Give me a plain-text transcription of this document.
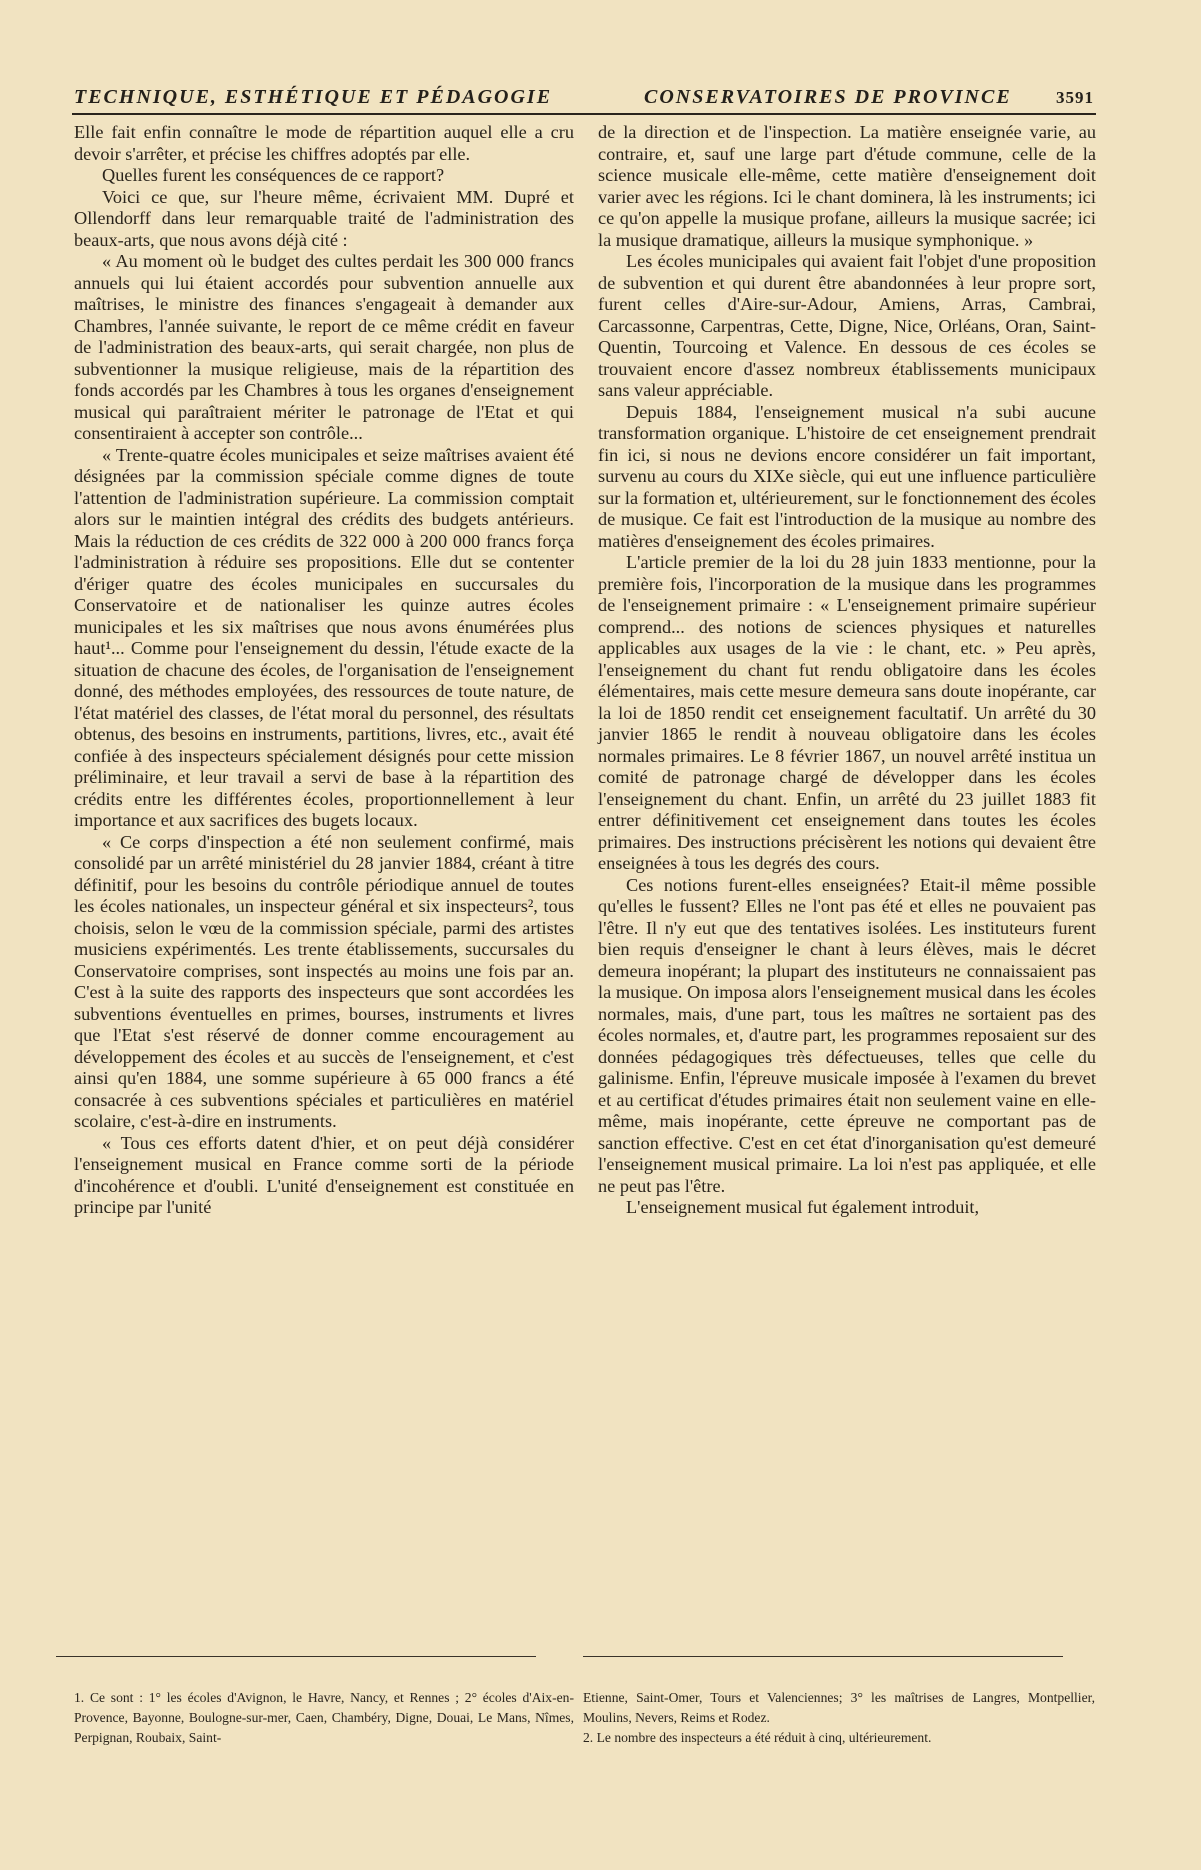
TECHNIQUE, ESTHÉTIQUE ET PÉDAGOGIE	CONSERVATOIRES DE PROVINCE	3591

Elle fait enfin connaître le mode de répartition auquel elle a cru devoir s'arrêter, et précise les chiffres adoptés par elle.

Quelles furent les conséquences de ce rapport?

Voici ce que, sur l'heure même, écrivaient MM. Dupré et Ollendorff dans leur remarquable traité de l'administration des beaux-arts, que nous avons déjà cité :

« Au moment où le budget des cultes perdait les 300 000 francs annuels qui lui étaient accordés pour subvention annuelle aux maîtrises, le ministre des finances s'engageait à demander aux Chambres, l'année suivante, le report de ce même crédit en faveur de l'administration des beaux-arts, qui serait chargée, non plus de subventionner la musique religieuse, mais de la répartition des fonds accordés par les Chambres à tous les organes d'enseignement musical qui paraîtraient mériter le patronage de l'Etat et qui consentiraient à accepter son contrôle...

« Trente-quatre écoles municipales et seize maîtrises avaient été désignées par la commission spéciale comme dignes de toute l'attention de l'administration supérieure. La commission comptait alors sur le maintien intégral des crédits des budgets antérieurs. Mais la réduction de ces crédits de 322 000 à 200 000 francs força l'administration à réduire ses propositions. Elle dut se contenter d'ériger quatre des écoles municipales en succursales du Conservatoire et de nationaliser les quinze autres écoles municipales et les six maîtrises que nous avons énumérées plus haut¹... Comme pour l'enseignement du dessin, l'étude exacte de la situation de chacune des écoles, de l'organisation de l'enseignement donné, des méthodes employées, des ressources de toute nature, de l'état matériel des classes, de l'état moral du personnel, des résultats obtenus, des besoins en instruments, partitions, livres, etc., avait été confiée à des inspecteurs spécialement désignés pour cette mission préliminaire, et leur travail a servi de base à la répartition des crédits entre les différentes écoles, proportionnellement à leur importance et aux sacrifices des bugets locaux.

« Ce corps d'inspection a été non seulement confirmé, mais consolidé par un arrêté ministériel du 28 janvier 1884, créant à titre définitif, pour les besoins du contrôle périodique annuel de toutes les écoles nationales, un inspecteur général et six inspecteurs², tous choisis, selon le vœu de la commission spéciale, parmi des artistes musiciens expérimentés. Les trente établissements, succursales du Conservatoire comprises, sont inspectés au moins une fois par an. C'est à la suite des rapports des inspecteurs que sont accordées les subventions éventuelles en primes, bourses, instruments et livres que l'Etat s'est réservé de donner comme encouragement au développement des écoles et au succès de l'enseignement, et c'est ainsi qu'en 1884, une somme supérieure à 65 000 francs a été consacrée à ces subventions spéciales et particulières en matériel scolaire, c'est-à-dire en instruments.

« Tous ces efforts datent d'hier, et on peut déjà considérer l'enseignement musical en France comme sorti de la période d'incohérence et d'oubli. L'unité d'enseignement est constituée en principe par l'unité

de la direction et de l'inspection. La matière enseignée varie, au contraire, et, sauf une large part d'étude commune, celle de la science musicale elle-même, cette matière d'enseignement doit varier avec les régions. Ici le chant dominera, là les instruments; ici ce qu'on appelle la musique profane, ailleurs la musique sacrée; ici la musique dramatique, ailleurs la musique symphonique. »

Les écoles municipales qui avaient fait l'objet d'une proposition de subvention et qui durent être abandonnées à leur propre sort, furent celles d'Aire-sur-Adour, Amiens, Arras, Cambrai, Carcassonne, Carpentras, Cette, Digne, Nice, Orléans, Oran, Saint-Quentin, Tourcoing et Valence. En dessous de ces écoles se trouvaient encore d'assez nombreux établissements municipaux sans valeur appréciable.

Depuis 1884, l'enseignement musical n'a subi aucune transformation organique. L'histoire de cet enseignement prendrait fin ici, si nous ne devions encore considérer un fait important, survenu au cours du XIXe siècle, qui eut une influence particulière sur la formation et, ultérieurement, sur le fonctionnement des écoles de musique. Ce fait est l'introduction de la musique au nombre des matières d'enseignement des écoles primaires.

L'article premier de la loi du 28 juin 1833 mentionne, pour la première fois, l'incorporation de la musique dans les programmes de l'enseignement primaire : « L'enseignement primaire supérieur comprend... des notions de sciences physiques et naturelles applicables aux usages de la vie : le chant, etc. » Peu après, l'enseignement du chant fut rendu obligatoire dans les écoles élémentaires, mais cette mesure demeura sans doute inopérante, car la loi de 1850 rendit cet enseignement facultatif. Un arrêté du 30 janvier 1865 le rendit à nouveau obligatoire dans les écoles normales primaires. Le 8 février 1867, un nouvel arrêté institua un comité de patronage chargé de développer dans les écoles l'enseignement du chant. Enfin, un arrêté du 23 juillet 1883 fit entrer définitivement cet enseignement dans toutes les écoles primaires. Des instructions précisèrent les notions qui devaient être enseignées à tous les degrés des cours.

Ces notions furent-elles enseignées? Etait-il même possible qu'elles le fussent? Elles ne l'ont pas été et elles ne pouvaient pas l'être. Il n'y eut que des tentatives isolées. Les instituteurs furent bien requis d'enseigner le chant à leurs élèves, mais le décret demeura inopérant; la plupart des instituteurs ne connaissaient pas la musique. On imposa alors l'enseignement musical dans les écoles normales, mais, d'une part, tous les maîtres ne sortaient pas des écoles normales, et, d'autre part, les programmes reposaient sur des données pédagogiques très défectueuses, telles que celle du galinisme. Enfin, l'épreuve musicale imposée à l'examen du brevet et au certificat d'études primaires était non seulement vaine en elle-même, mais inopérante, cette épreuve ne comportant pas de sanction effective. C'est en cet état d'inorganisation qu'est demeuré l'enseignement musical primaire. La loi n'est pas appliquée, et elle ne peut pas l'être.

L'enseignement musical fut également introduit,

1. Ce sont : 1° les écoles d'Avignon, le Havre, Nancy, et Rennes ; 2° écoles d'Aix-en-Provence, Bayonne, Boulogne-sur-mer, Caen, Chambéry, Digne, Douai, Le Mans, Nîmes, Perpignan, Roubaix, Saint-

Etienne, Saint-Omer, Tours et Valenciennes; 3° les maîtrises de Langres, Montpellier, Moulins, Nevers, Reims et Rodez.

2. Le nombre des inspecteurs a été réduit à cinq, ultérieurement.
